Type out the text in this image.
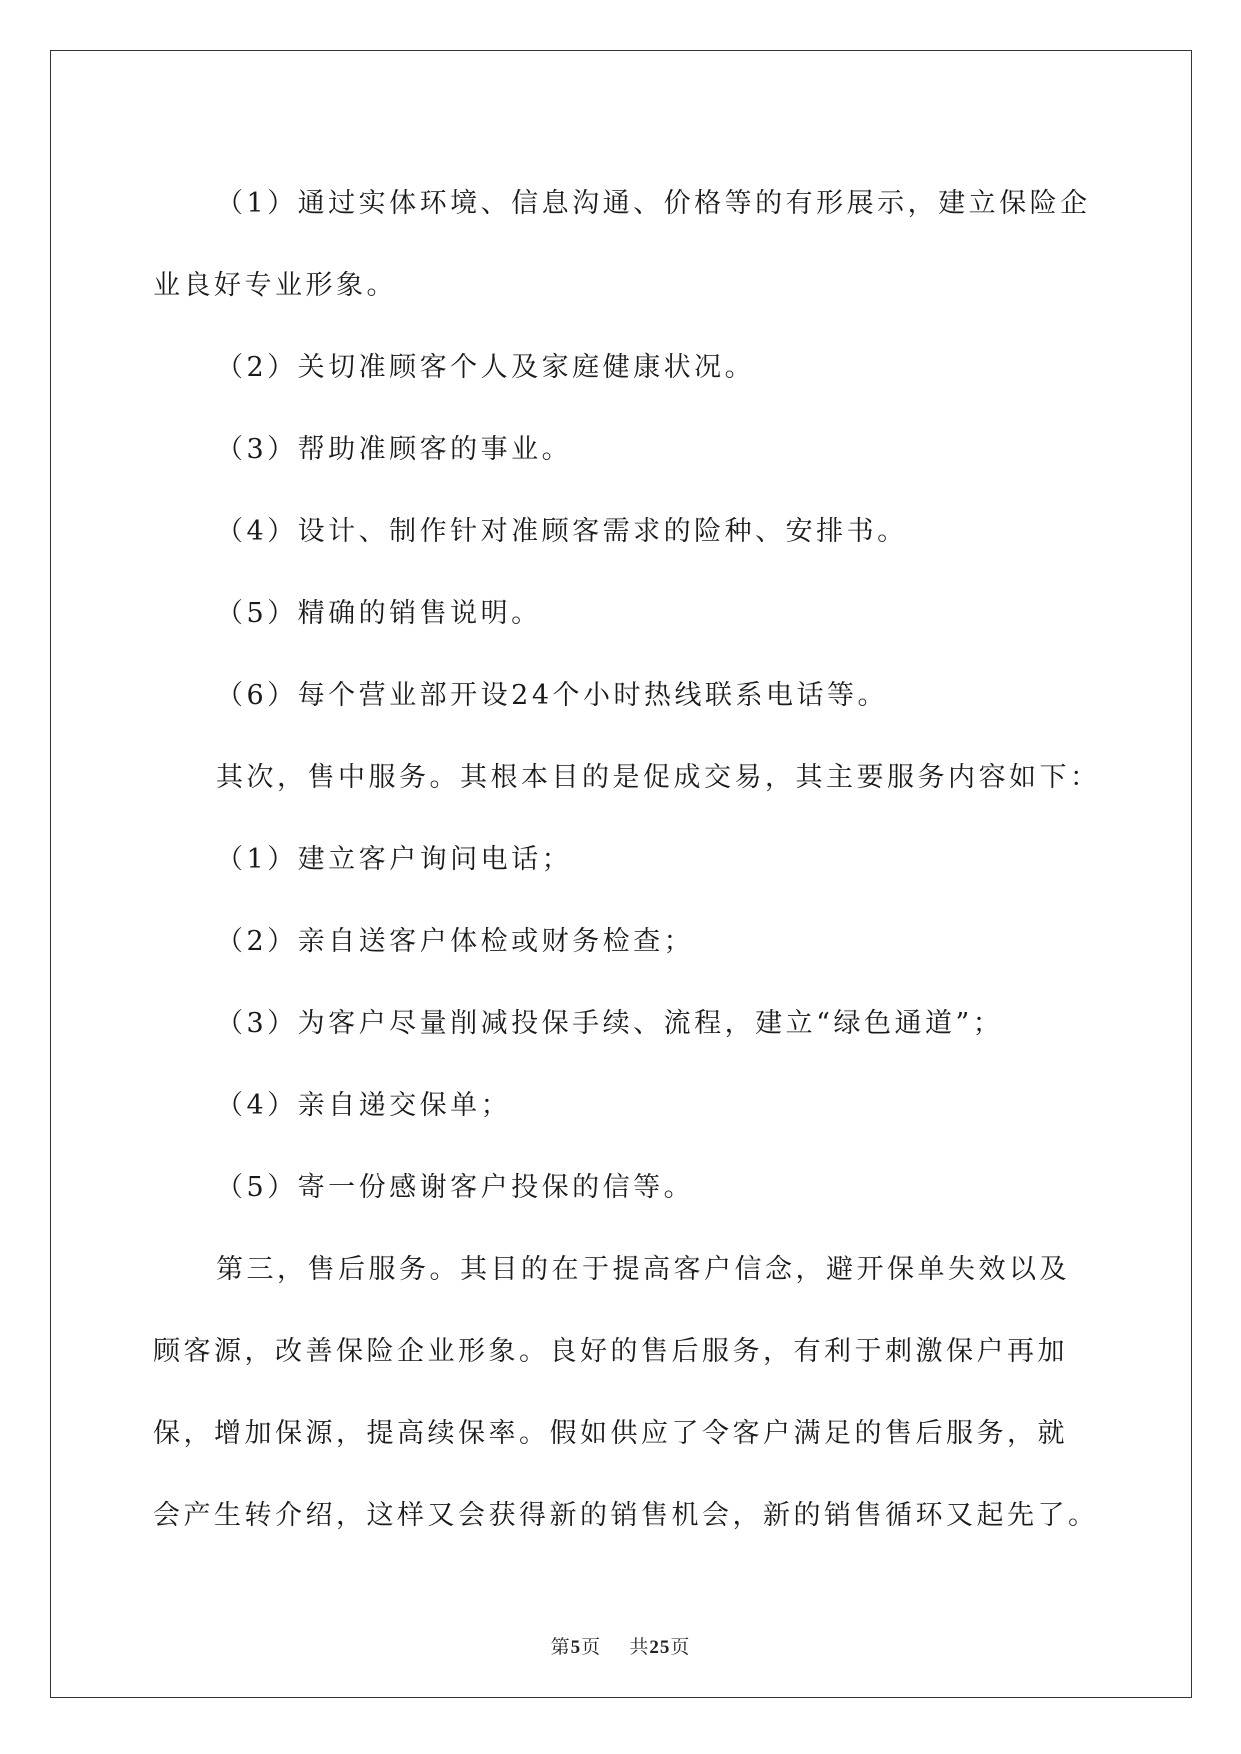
（1）通过实体环境、信息沟通、价格等的有形展示，建立保险企

业良好专业形象。

（2）关切准顾客个人及家庭健康状况。

（3）帮助准顾客的事业。

（4）设计、制作针对准顾客需求的险种、安排书。

（5）精确的销售说明。

（6）每个营业部开设24个小时热线联系电话等。

其次，售中服务。其根本目的是促成交易，其主要服务内容如下：

（1）建立客户询问电话；

（2）亲自送客户体检或财务检查；

（3）为客户尽量削减投保手续、流程，建立“绿色通道”；

（4）亲自递交保单；

（5）寄一份感谢客户投保的信等。

第三，售后服务。其目的在于提高客户信念，避开保单失效以及

顾客源，改善保险企业形象。良好的售后服务，有利于刺激保户再加

保，增加保源，提高续保率。假如供应了令客户满足的售后服务，就

会产生转介绍，这样又会获得新的销售机会，新的销售循环又起先了。

第5页 共25页
